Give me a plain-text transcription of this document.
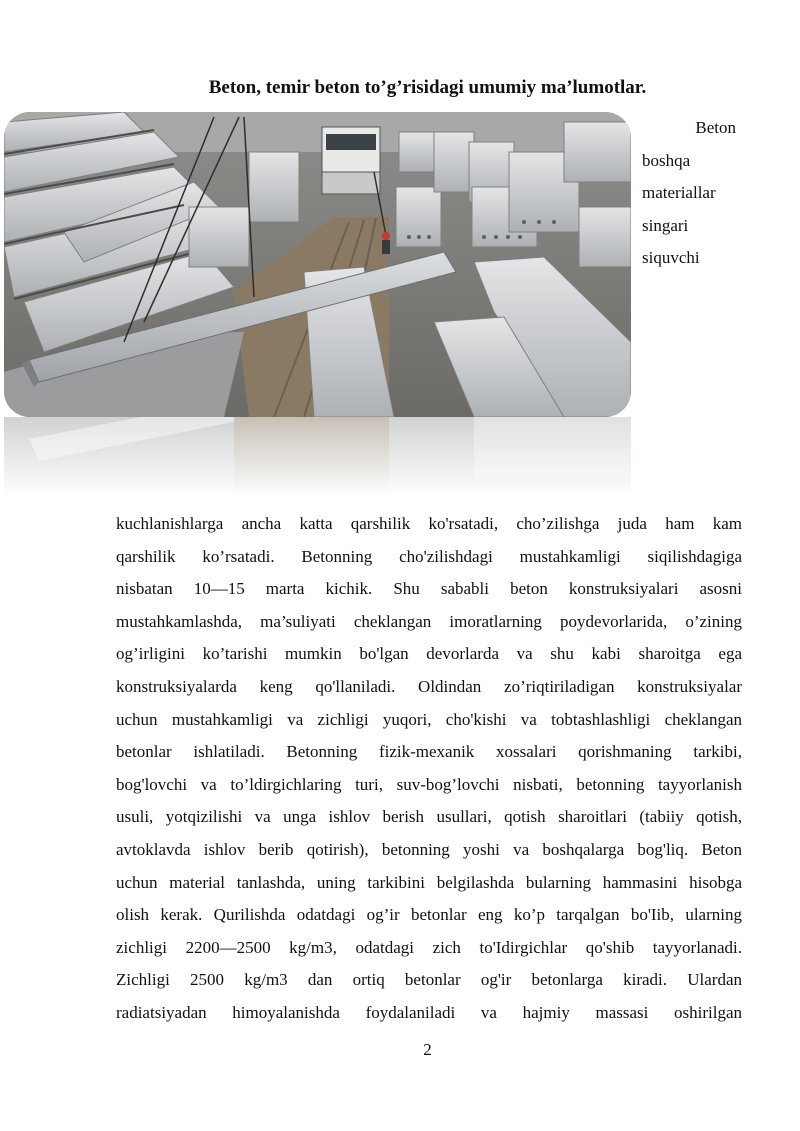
Beton, temir beton to’g’risidagi umumiy ma’lumotlar.
Beton
boshqa
materiallar
singari
siquvchi
kuchlanishlarga ancha katta qarshilik ko'rsatadi, cho’zilishga juda ham kam
qarshilik ko’rsatadi. Betonning cho'zilishdagi mustahkamligi siqilishdagiga
nisbatan 10—15 marta kichik. Shu sababli beton konstruksiyalari asosni
mustahkamlashda, ma’suliyati cheklangan imoratlarning poydevorlarida, o’zining
og’irligini ko’tarishi mumkin bo'lgan devorlarda va shu kabi sharoitga ega
konstruksiyalarda keng qo'llaniladi. Oldindan zo’riqtiriladigan konstruksiyalar
uchun mustahkamligi va zichligi yuqori, cho'kishi va tobtashlashligi cheklangan
betonlar ishlatiladi. Betonning fizik-mexanik xossalari qorishmaning tarkibi,
bog'lovchi va to’ldirgichlaring turi, suv-bog’lovchi nisbati, betonning tayyorlanish
usuli, yotqizilishi va unga ishlov berish usullari, qotish sharoitlari (tabiiy qotish,
avtoklavda ishlov berib qotirish), betonning yoshi va boshqalarga bog'liq. Beton
uchun material tanlashda, uning tarkibini belgilashda bularning hammasini hisobga
olish kerak. Qurilishda odatdagi og’ir betonlar eng ko’p tarqalgan bo'Iib, ularning
zichligi 2200—2500 kg/m3, odatdagi zich to'Idirgichlar qo'shib tayyorlanadi.
Zichligi 2500 kg/m3 dan ortiq betonlar og'ir betonlarga kiradi. Ulardan
radiatsiyadan himoyalanishda foydalaniladi va hajmiy massasi oshirilgan
2
